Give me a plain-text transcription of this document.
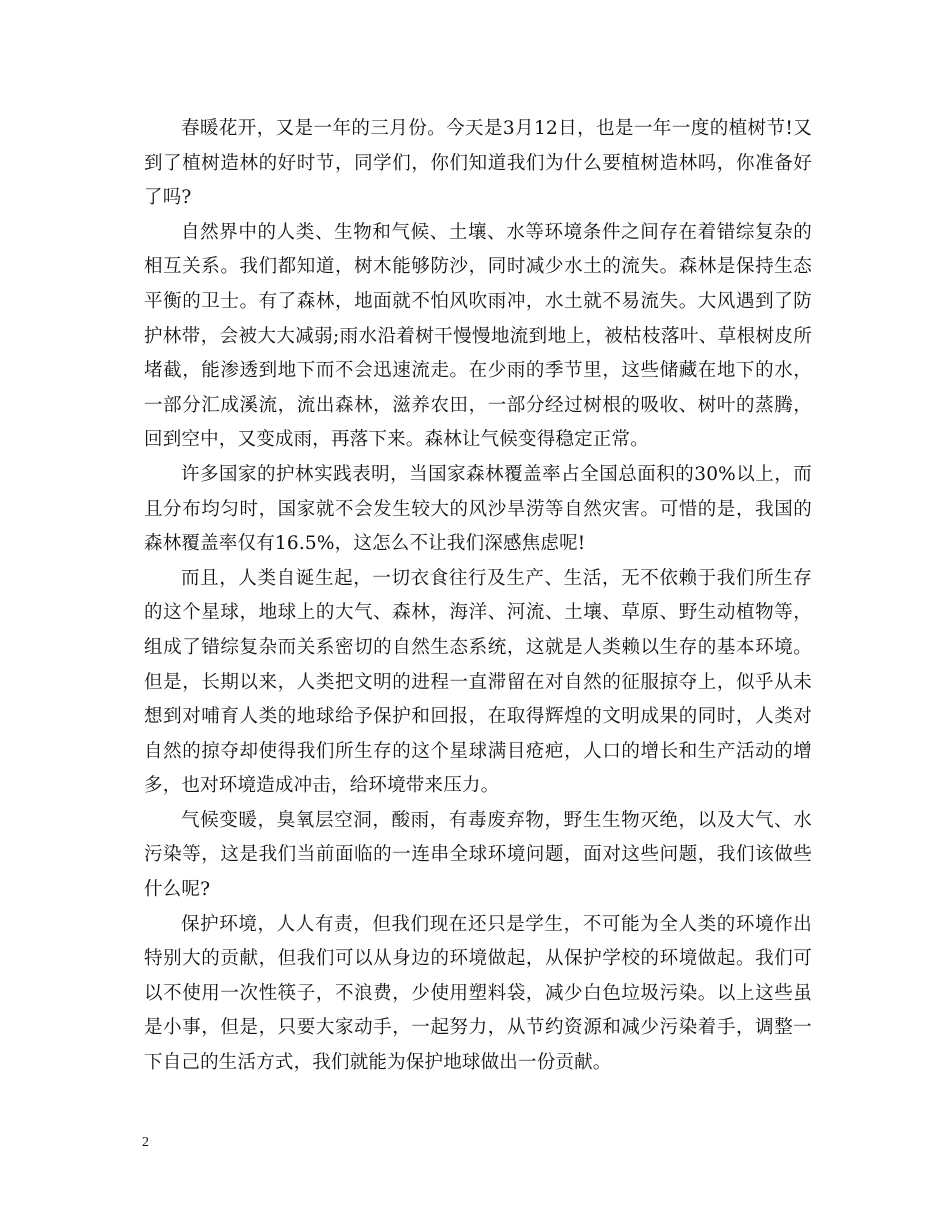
春暖花开，又是一年的三月份。今天是3月12日，也是一年一度的植树节!又到了植树造林的好时节，同学们，你们知道我们为什么要植树造林吗，你准备好了吗?

自然界中的人类、生物和气候、土壤、水等环境条件之间存在着错综复杂的相互关系。我们都知道，树木能够防沙，同时减少水土的流失。森林是保持生态平衡的卫士。有了森林，地面就不怕风吹雨冲，水土就不易流失。大风遇到了防护林带，会被大大减弱;雨水沿着树干慢慢地流到地上，被枯枝落叶、草根树皮所堵截，能渗透到地下而不会迅速流走。在少雨的季节里，这些储藏在地下的水，一部分汇成溪流，流出森林，滋养农田，一部分经过树根的吸收、树叶的蒸腾，回到空中，又变成雨，再落下来。森林让气候变得稳定正常。

许多国家的护林实践表明，当国家森林覆盖率占全国总面积的30%以上，而且分布均匀时，国家就不会发生较大的风沙旱涝等自然灾害。可惜的是，我国的森林覆盖率仅有16.5%，这怎么不让我们深感焦虑呢!

而且，人类自诞生起，一切衣食往行及生产、生活，无不依赖于我们所生存的这个星球，地球上的大气、森林，海洋、河流、土壤、草原、野生动植物等，组成了错综复杂而关系密切的自然生态系统，这就是人类赖以生存的基本环境。但是，长期以来，人类把文明的进程一直滞留在对自然的征服掠夺上，似乎从未想到对哺育人类的地球给予保护和回报，在取得辉煌的文明成果的同时，人类对自然的掠夺却使得我们所生存的这个星球满目疮疤，人口的增长和生产活动的增多，也对环境造成冲击，给环境带来压力。

气候变暖，臭氧层空洞，酸雨，有毒废弃物，野生生物灭绝，以及大气、水污染等，这是我们当前面临的一连串全球环境问题，面对这些问题，我们该做些什么呢?

保护环境，人人有责，但我们现在还只是学生，不可能为全人类的环境作出特别大的贡献，但我们可以从身边的环境做起，从保护学校的环境做起。我们可以不使用一次性筷子，不浪费，少使用塑料袋，减少白色垃圾污染。以上这些虽是小事，但是，只要大家动手，一起努力，从节约资源和减少污染着手，调整一下自己的生活方式，我们就能为保护地球做出一份贡献。

2
